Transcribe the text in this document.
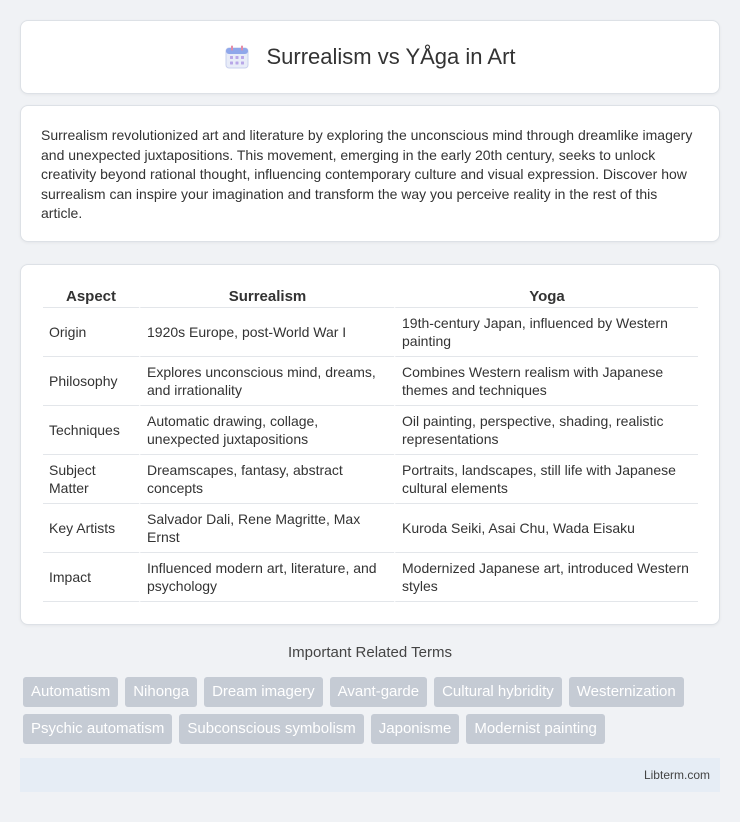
Surrealism vs YÅga in Art

Surrealism revolutionized art and literature by exploring the unconscious mind through dreamlike imagery and unexpected juxtapositions. This movement, emerging in the early 20th century, seeks to unlock creativity beyond rational thought, influencing contemporary culture and visual expression. Discover how surrealism can inspire your imagination and transform the way you perceive reality in the rest of this article.

Aspect	Surrealism	Yoga
Origin	1920s Europe, post-World War I	19th-century Japan, influenced by Western painting
Philosophy	Explores unconscious mind, dreams, and irrationality	Combines Western realism with Japanese themes and techniques
Techniques	Automatic drawing, collage, unexpected juxtapositions	Oil painting, perspective, shading, realistic representations
Subject Matter	Dreamscapes, fantasy, abstract concepts	Portraits, landscapes, still life with Japanese cultural elements
Key Artists	Salvador Dali, Rene Magritte, Max Ernst	Kuroda Seiki, Asai Chu, Wada Eisaku
Impact	Influenced modern art, literature, and psychology	Modernized Japanese art, introduced Western styles
Important Related Terms
Automatism	Nihonga	Dream imagery	Avant-garde	Cultural hybridity	Westernization
Psychic automatism	Subconscious symbolism	Japonisme	Modernist painting
Libterm.com
